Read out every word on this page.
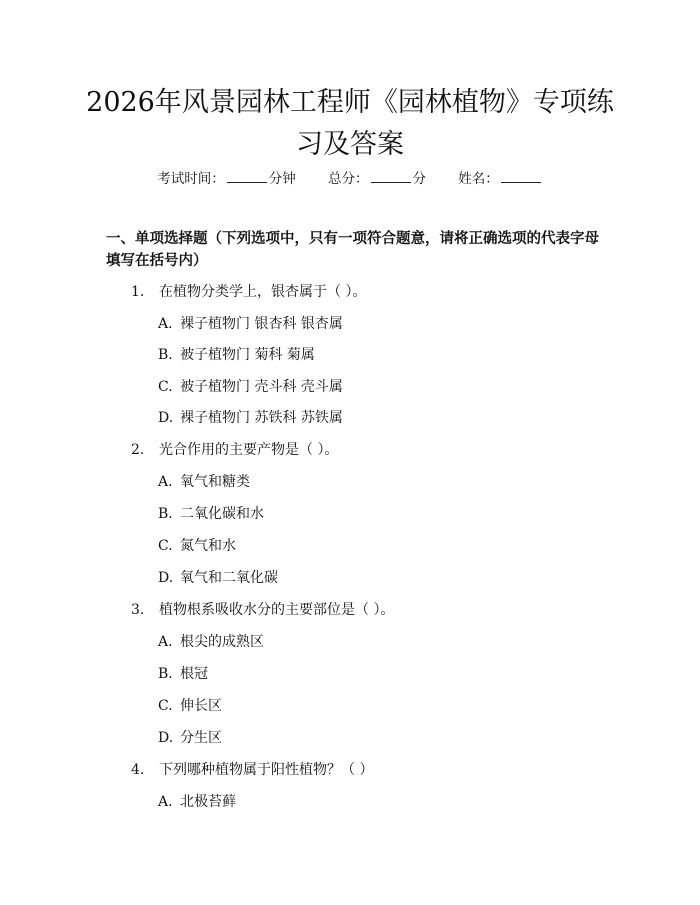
2026年风景园林工程师《园林植物》专项练习及答案
考试时间：	分钟 总分：	分 姓名：
一、单项选择题（下列选项中，只有一项符合题意，请将正确选项的代表字母填写在括号内）
1. 在植物分类学上，银杏属于（ ）。
A. 裸子植物门 银杏科 银杏属
B. 被子植物门 菊科 菊属
C. 被子植物门 壳斗科 壳斗属
D. 裸子植物门 苏铁科 苏铁属
2. 光合作用的主要产物是（ ）。
A. 氧气和糖类
B. 二氧化碳和水
C. 氮气和水
D. 氧气和二氧化碳
3. 植物根系吸收水分的主要部位是（ ）。
A. 根尖的成熟区
B. 根冠
C. 伸长区
D. 分生区
4. 下列哪种植物属于阳性植物？（ ）
A. 北极苔藓
